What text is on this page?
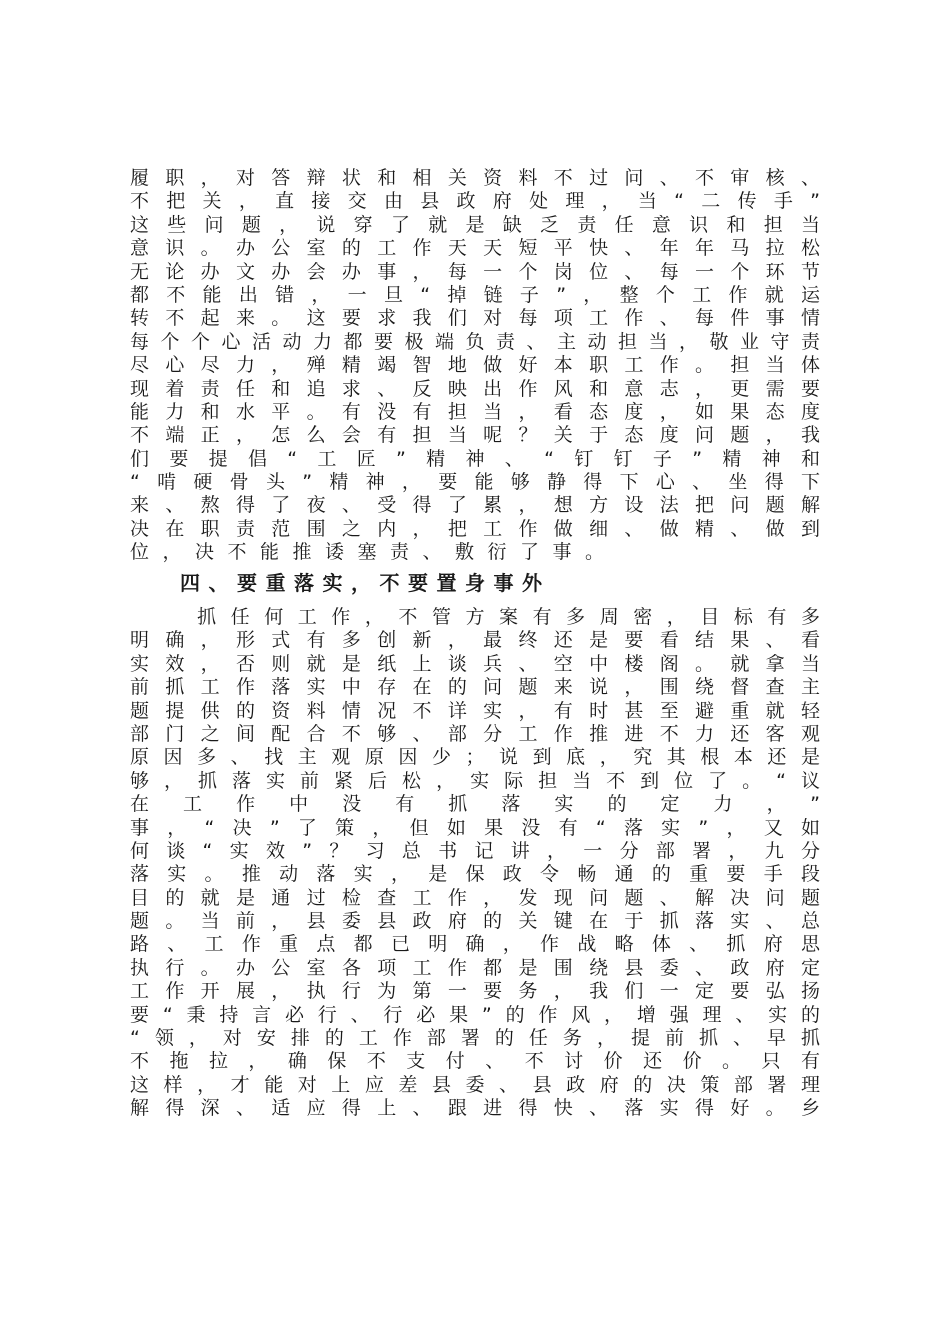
履职，对答辩状和相关资料不过问、不审核、
不把关，直接交由县政府处理，当“二传手”
这些问题，说穿了就是缺乏责任意识和担当
意识。办公室的工作天天短平快、年年马拉松
无论办文办会办事，每一个岗位、每一个环节
都不能出错，一旦“掉链子”，整个工作就运
转不起来。这要求我们对每项工作、每件事情
每个个心活动力都要极端负责、主动担当，敬业守责
尽心尽力，殚精竭智地做好本职工作。担当体
现着责任和追求、反映出作风和意志，更需要
能力和水平。有没有担当，看态度，如果态度
不端正，怎么会有担当呢？关于态度问题，我
们要提倡“工匠”精神、“钉钉子”精神和
“啃硬骨头”精神，要能够静得下心、坐得下
来、熬得了夜、受得了累，想方设法把问题解
决在职责范围之内，把工作做细、做精、做到
位，决不能推诿塞责、敷衍了事。
四、要重落实，不要置身事外
　　抓任何工作，不管方案有多周密，目标有多
明确，形式有多创新，最终还是要看结果、看
实效，否则就是纸上谈兵、空中楼阁。就拿当
前抓工作落实中存在的问题来说，围绕督查主
题提供的资料情况不详实，有时甚至避重就轻
部门之间配合不够、部分工作推进不力还客观
原因多、找主观原因少；说到底，究其根本还是
够，抓落实前紧后松，实际担当不到位了。“议
在工作中没有抓落实的定力，”
事，“决”了策，但如果没有“落实”，又如
何谈“实效”？习总书记讲，一分部署，九分
落实。推动落实，是保政令畅通的重要手段
目的就是通过检查工作，发现问题、解决问题
题。当前，县委县政府的关键在于抓落实、总
路、工作重点都已明确，作战略体、抓府思
执行。办公室各项工作都是围绕县委、政府定
工作开展，执行为第一要务，我们一定要弘扬
要“秉持言必行、行必果”的作风，增强理、实的
“领，对安排的工作部署的任务，提前抓、早抓
不拖拉，确保不支付、不讨价还价。只有
这样，才能对上应差县委、县政府的决策部署理
解得深、适应得上、跟进得快、落实得好。乡
